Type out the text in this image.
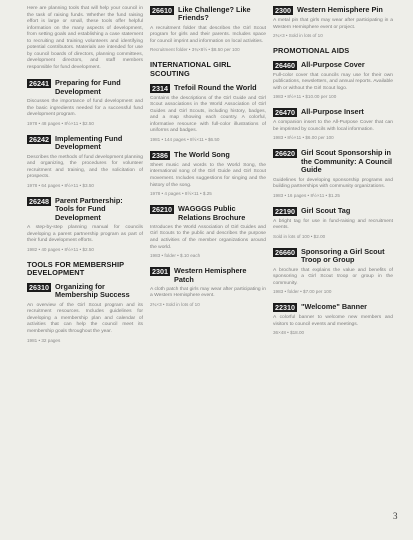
Here are planning tools that will help your council in the task of raising funds. Whether the fund raising effort is large or small, these tools offer helpful information on the many aspects of development, from setting goals and establishing a case statement to recruiting and training volunteers and identifying potential contributors. Materials are intended for use by council boards of directors, planning committees, development directors, and staff members responsible for fund development.

26241 Preparing for Fund Development

Discusses the importance of fund development and the basic ingredients needed for a successful fund development program.

1978 • 48 pages • 8½×11 • $2.50
26242 Implementing Fund Development

Describes the methods of fund development planning and organizing, the procedures for volunteer recruitment and training, and the solicitation of prospects.

1978 • 64 pages • 8½×11 • $3.50
26248 Parent Partnership: Tools for Fund Development

A step-by-step planning manual for councils developing a parent partnership program as part of their fund development efforts.

1982 • 40 pages • 8½×11 • $2.50
TOOLS FOR MEMBERSHIP DEVELOPMENT
26310 Organizing for Membership Success

An overview of the Girl Scout program and its recruitment resources. Includes guidelines for developing a membership plan and calendar of activities that can help the council meet its membership goals throughout the year.

1981 • 32 pages
26610 Like Challenge? Like Friends?

A recruitment folder that describes the Girl Scout program for girls and their parents. Includes space for council imprint and information on local activities.

Recruitment folder • 3¾×8½ • $8.50 per 100
INTERNATIONAL GIRL SCOUTING
2314 Trefoil Round the World

Contains the descriptions of the Girl Guide and Girl Scout associations in the World Association of Girl Guides and Girl Scouts, including history, badges, and a map showing each country. A colorful, informative resource with full-color illustrations of uniforms and badges.

1981 • 144 pages • 8½×11 • $6.50
2386 The World Song

Sheet music and words to the World Song, the international song of the Girl Guide and Girl Scout movement. Includes suggestions for singing and the history of the song.

1978 • 4 pages • 8½×11 • $.25
26210 WAGGGS Public Relations Brochure

Introduces the World Association of Girl Guides and Girl Scouts to the public and describes the purpose and activities of the member organizations around the world.

1983 • folder • $.10 each
2301 Western Hemisphere Patch

A cloth patch that girls may wear after participating in a Western Hemisphere event.

2¾×3 • Sold in lots of 10
2300 Western Hemisphere Pin

A metal pin that girls may wear after participating in a Western Hemisphere event or project.

2¾×3 • Sold in lots of 10
PROMOTIONAL AIDS
26460 All-Purpose Cover

Full-color cover that councils may use for their own publications, newsletters, and annual reports. Available with or without the Girl Scout logo.

1983 • 8½×11 • $10.00 per 100
26470 All-Purpose Insert

A companion insert to the All-Purpose Cover that can be imprinted by councils with local information.

1983 • 8½×11 • $6.00 per 100
26620 Girl Scout Sponsorship in the Community: A Council Guide

Guidelines for developing sponsorship programs and building partnerships with community organizations.

1983 • 16 pages • 8½×11 • $1.25
22190 Girl Scout Tag

A bright tag for use in fund-raising and recruitment events.

Sold in lots of 100 • $2.00
26660 Sponsoring a Girl Scout Troop or Group

A brochure that explains the value and benefits of sponsoring a Girl Scout troop or group in the community.

1983 • folder • $7.00 per 100
22310 "Welcome" Banner

A colorful banner to welcome new members and visitors to council events and meetings.

36×48 • $18.00
3
